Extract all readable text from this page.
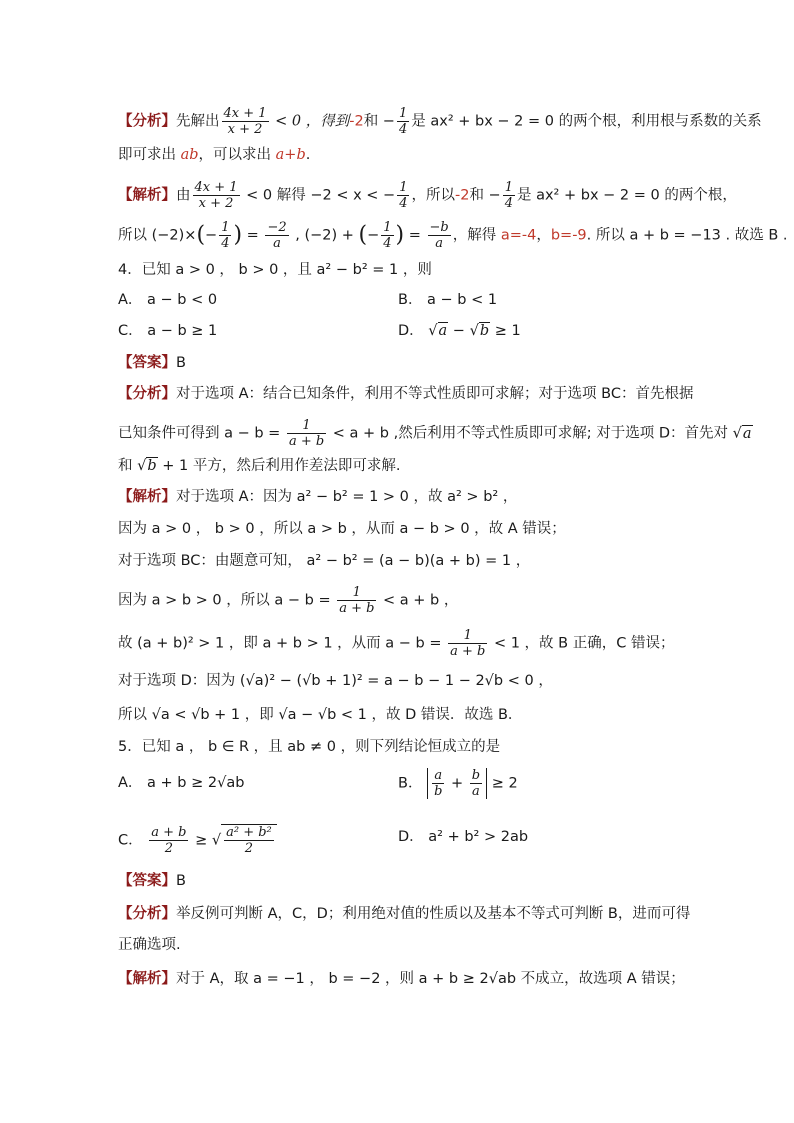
【分析】先解出 $\frac{4x + 1}{x + 2} < 0$ ，得到-2和 − $\frac{1}{4}$ 是 ax² + bx − 2 = 0 的两个根，利用根与系数的关系
即可求出 ab，可以求出 a+b.
【解析】由 $\frac{4x + 1}{x + 2} < 0$ 解得 −2 < x < − $\frac{1}{4}$ ，所以-2和 − $\frac{1}{4}$ 是 ax² + bx − 2 = 0 的两个根，
所以 $(-2)\times(- \frac{1}{4}$ ) = $\frac{-2}{a}$ , (−2) + (− $\frac{1}{4}$ ) = $\frac{-b}{a}$ ，解得 a=-4，b=-9. 所以 a + b = −13 . 故选 B .
4．已知 a > 0 ， b > 0 ，且 a² − b² = 1 ，则
A． a − b < 0	B． a − b < 1
C． a − b ≥ 1	D． √a − √b ≥ 1
【答案】B
【分析】对于选项 A：结合已知条件，利用不等式性质即可求解；对于选项 BC：首先根据
已知条件可得到 $a - b = \frac{1}{a + b} < a + b$ ,然后利用不等式性质即可求解; 对于选项 D：首先对 √a
和 √b + 1 平方，然后利用作差法即可求解.
【解析】对于选项 A：因为 a² − b² = 1 > 0 ，故 a² > b² ，
因为 a > 0 ， b > 0 ，所以 a > b ，从而 a − b > 0 ，故 A 错误；
对于选项 BC：由题意可知， a² − b² = (a − b)(a + b) = 1 ，
因为 a > b > 0 ，所以 $a - b = \frac{1}{a + b} < a + b$ ，
故 (a + b)² > 1 ，即 a + b > 1 ，从而 $a - b = \frac{1}{a + b} < 1$ ，故 B 正确，C 错误；
对于选项 D：因为 (√a)² − (√b + 1)² = a − b − 1 − 2√b < 0 ，
所以 √a < √b + 1 ，即 √a − √b < 1 ，故 D 错误．故选 B．
5．已知 a ， b ∈ R ，且 ab ≠ 0 ，则下列结论恒成立的是
A． a + b ≥ 2√ab	B． $\frac{a}{b} + \frac{b}{a} \ge 2$
C． $\frac{a + b}{2}$ ≥ √ $\frac{\text{a² + b²}}{2}$	D． a² + b² > 2ab
【答案】B
【分析】举反例可判断 A，C，D；利用绝对值的性质以及基本不等式可判断 B，进而可得
正确选项.
【解析】对于 A，取 a = −1 ， b = −2 ，则 a + b ≥ 2√ab 不成立，故选项 A 错误；
